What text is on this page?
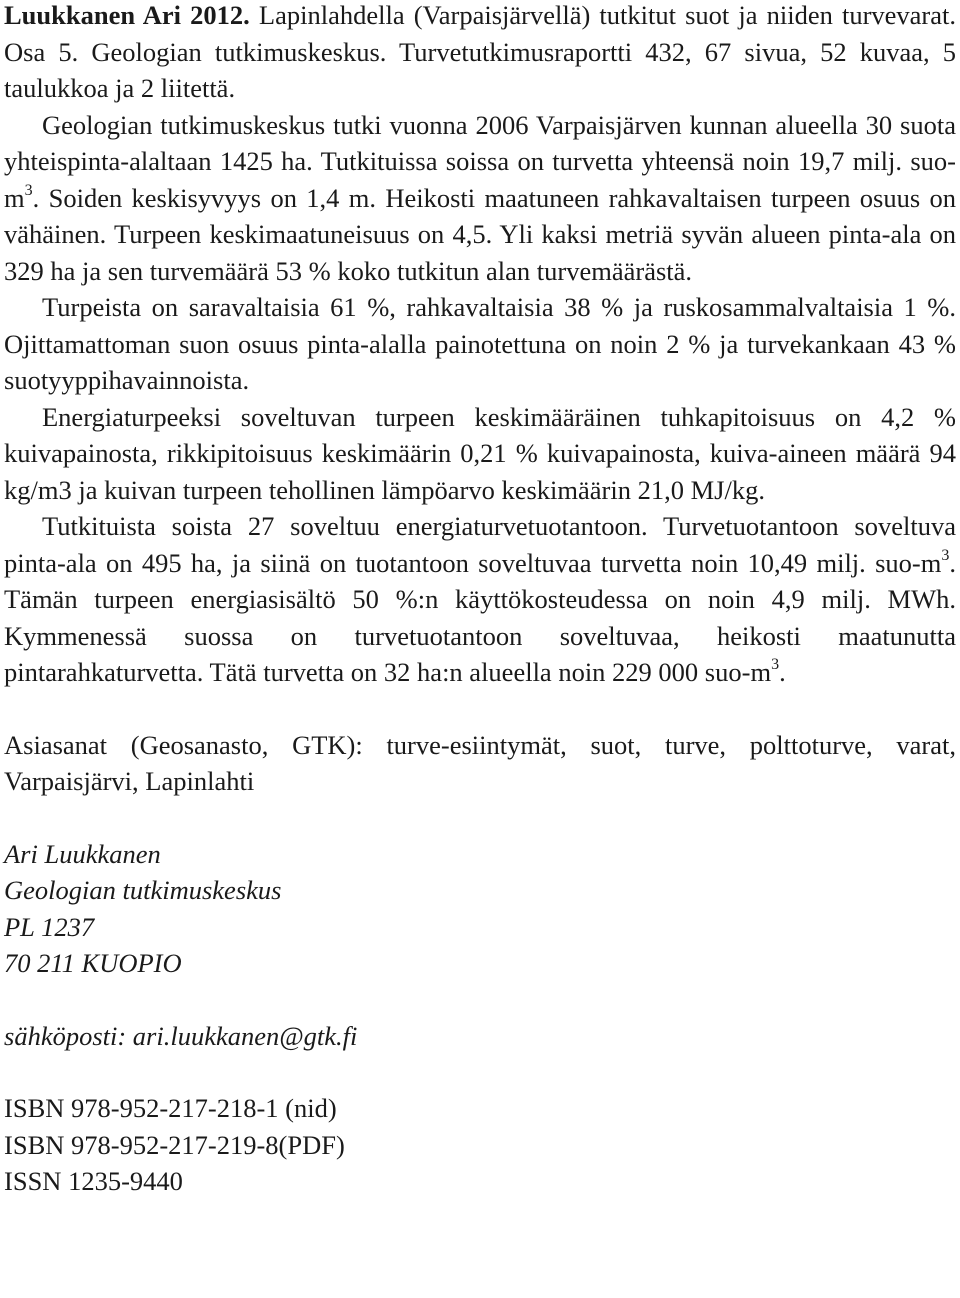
Luukkanen Ari 2012. Lapinlahdella (Varpaisjärvellä) tutkitut suot ja niiden turvevarat. Osa 5. Geologian tutkimuskeskus. Turvetutkimusraportti 432, 67 sivua, 52 kuvaa, 5 taulukkoa ja 2 liitettä.

Geologian tutkimuskeskus tutki vuonna 2006 Varpaisjärven kunnan alueella 30 suota yhteispinta-alaltaan 1425 ha. Tutkituissa soissa on turvetta yhteensä noin 19,7 milj. suo-$m^3$. Soiden keskisyvyys on 1,4 m. Heikosti maatuneen rahkavaltaisen turpeen osuus on vähäinen. Turpeen keskimaatuneisuus on 4,5. Yli kaksi metriä syvän alueen pinta-ala on 329 ha ja sen turvemäärä 53 % koko tutkitun alan turvemäärästä.

Turpeista on saravaltaisia 61 %, rahkavaltaisia 38 % ja ruskosammalvaltaisia 1 %. Ojittamattoman suon osuus pinta-alalla painotettuna on noin 2 % ja turvekankaan 43 % suotyyppihavainnoista.

Energiaturpeeksi soveltuvan turpeen keskimääräinen tuhkapitoisuus on 4,2 % kuivapainosta, rikkipitoisuus keskimäärin 0,21 % kuivapainosta, kuiva-aineen määrä 94 kg/m3 ja kuivan turpeen tehollinen lämpöarvo keskimäärin 21,0 MJ/kg.

Tutkituista soista 27 soveltuu energiaturvetuotantoon. Turvetuotantoon soveltuva pinta-ala on 495 ha, ja siinä on tuotantoon soveltuvaa turvetta noin 10,49 milj. suo-$m^3$. Tämän turpeen energiasisältö 50 %:n käyttökosteudessa on noin 4,9 milj. MWh. Kymmenessä suossa on turvetuotantoon soveltuvaa, heikosti maatunutta pintarahkaturvetta. Tätä turvetta on 32 ha:n alueella noin 229 000 suo-$m^3$.

Asiasanat (Geosanasto, GTK): turve-esiintymät, suot, turve, polttoturve, varat, Varpaisjärvi, Lapinlahti

Ari Luukkanen
Geologian tutkimuskeskus
PL 1237
70 211 KUOPIO
sähköposti: ari.luukkanen@gtk.fi
ISBN 978-952-217-218-1 (nid)
ISBN 978-952-217-219-8(PDF)
ISSN 1235-9440
